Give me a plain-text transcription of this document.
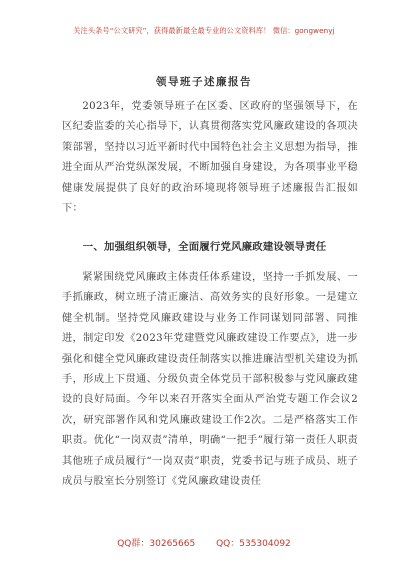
关注头条号“公文研究”，获得最新最全最专业的公文资料库！ 微信：gongwenyj
领导班子述廉报告

2023年，党委领导班子在区委、区政府的坚强领导下，在区纪委监委的关心指导下，认真贯彻落实党风廉政建设的各项决策部署，坚持以习近平新时代中国特色社会主义思想为指导，推进全面从严治党纵深发展，不断加强自身建设，为各项事业平稳健康发展提供了良好的政治环境现将领导班子述廉报告汇报如下：

一、加强组织领导，全面履行党风廉政建设领导责任

紧紧围绕党风廉政主体责任体系建设，坚持一手抓发展、一手抓廉政，树立班子清正廉洁、高效务实的良好形象。一是建立健全机制。坚持党风廉政建设与业务工作同谋划同部署、同推进，制定印发《2023年党建暨党风廉政建设工作要点》，进一步强化和健全党风廉政建设责任制落实以推进廉洁型机关建设为抓手，形成上下贯通、分级负责全体党员干部积极参与党风廉政建设的良好局面。今年以来召开落实全面从严治党专题工作会议2次，研究部署作风和党风廉政建设工作2次。二是严格落实工作职责。优化“一岗双责”清单，明确“一把手”履行第一责任人职责其他班子成员履行“一岗双责”职责，党委书记与班子成员、班子成员与股室长分别签订《党风廉政建设责任

QQ群：30265665 QQ：535304092
